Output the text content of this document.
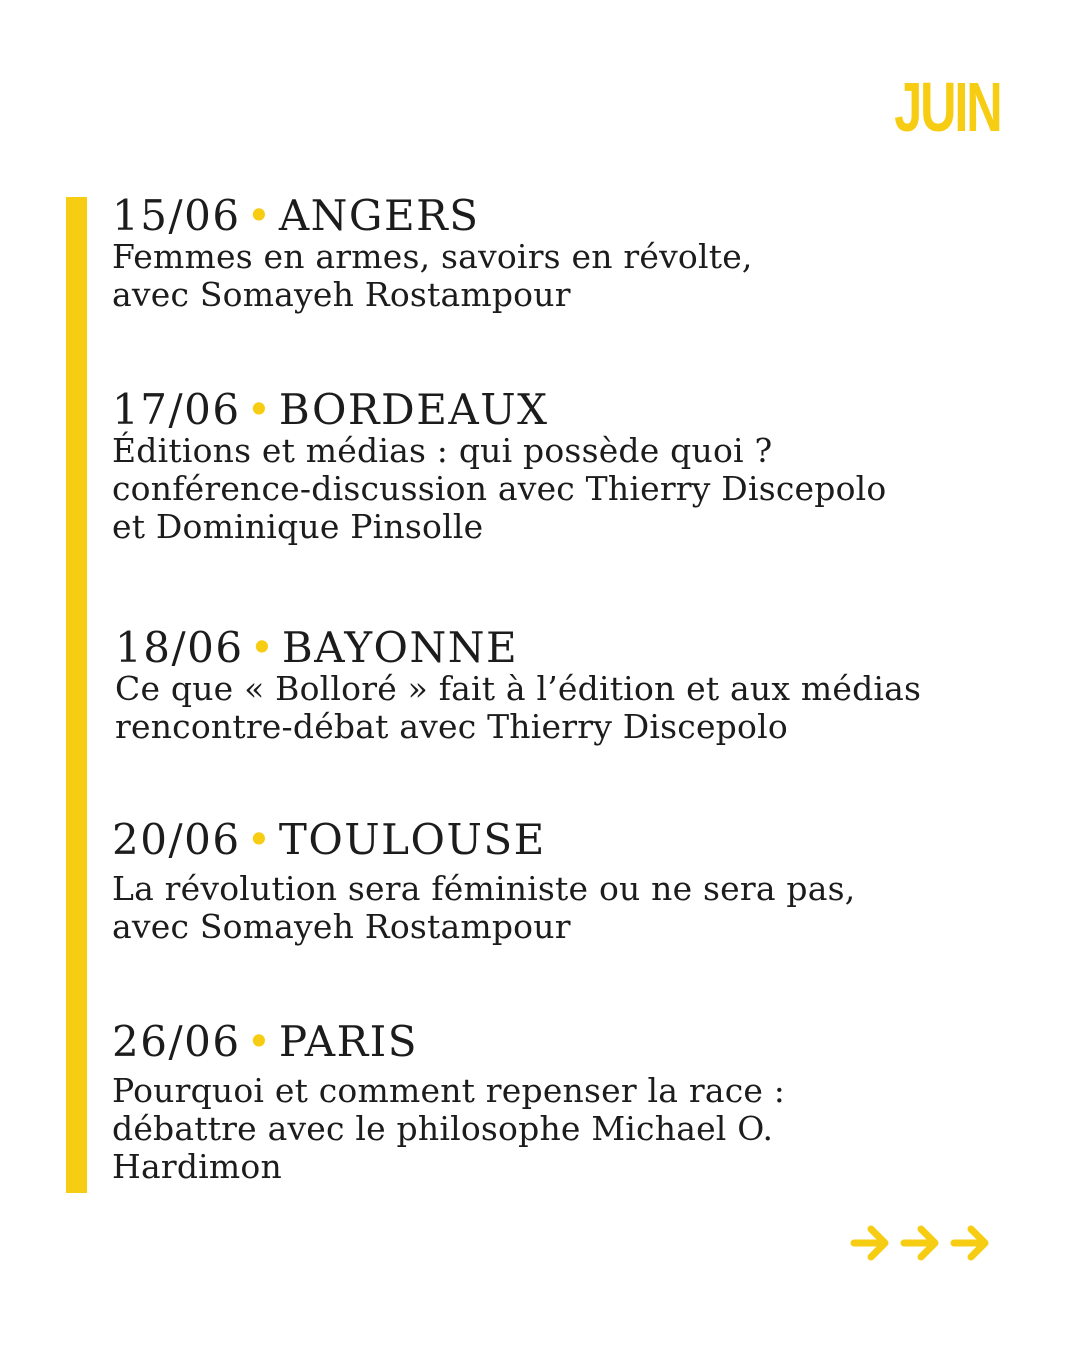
JUIN
15/06 • ANGERS
Femmes en armes, savoirs en révolte,
avec Somayeh Rostampour
17/06 • BORDEAUX
Éditions et médias : qui possède quoi ?
conférence-discussion avec Thierry Discepolo
et Dominique Pinsolle
18/06 • BAYONNE
Ce que « Bolloré » fait à l’édition et aux médias
rencontre-débat avec Thierry Discepolo
20/06 • TOULOUSE
La révolution sera féministe ou ne sera pas,
avec Somayeh Rostampour
26/06 • PARIS
Pourquoi et comment repenser la race :
débattre avec le philosophe Michael O.
Hardimon
